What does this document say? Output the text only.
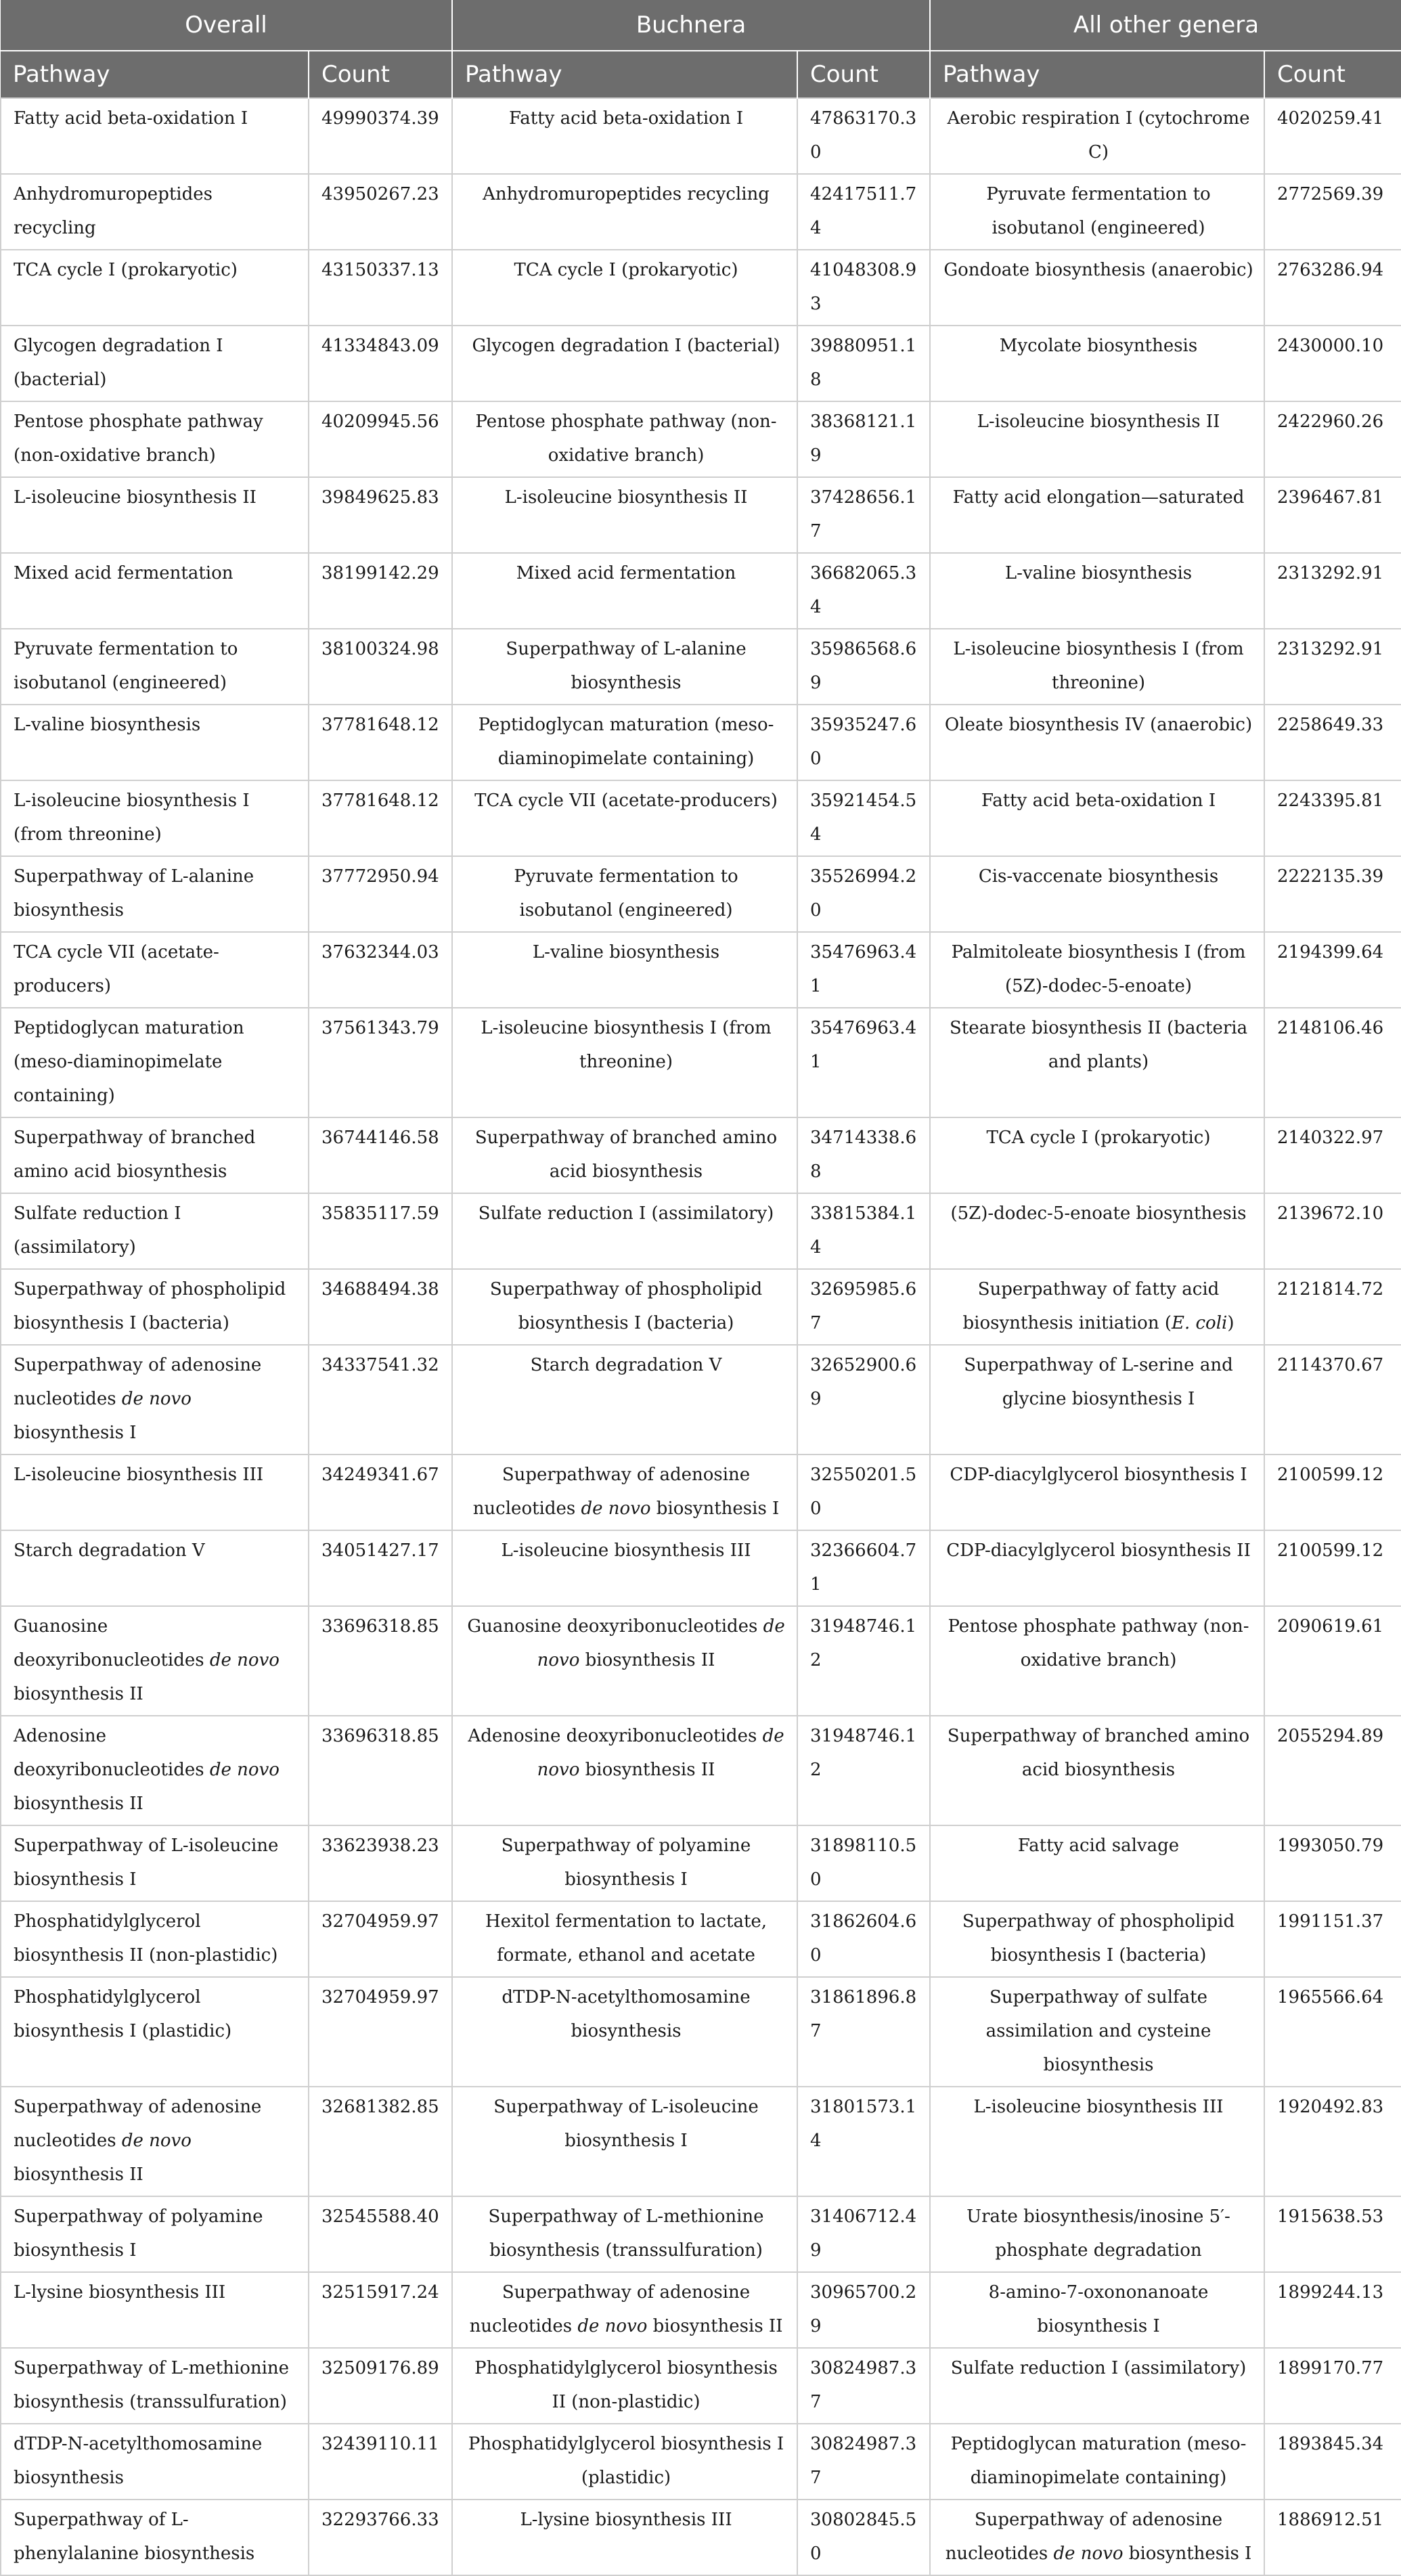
Overall		Buchnera		All other genera	
Pathway	Count	Pathway	Count	Pathway	Count
Fatty acid beta-oxidation I	49990374.39	Fatty acid beta-oxidation I	47863170.30	Aerobic respiration I (cytochrome C)	4020259.41
Anhydromuropeptides recycling	43950267.23	Anhydromuropeptides recycling	42417511.74	Pyruvate fermentation to isobutanol (engineered)	2772569.39
TCA cycle I (prokaryotic)	43150337.13	TCA cycle I (prokaryotic)	41048308.93	Gondoate biosynthesis (anaerobic)	2763286.94
Glycogen degradation I (bacterial)	41334843.09	Glycogen degradation I (bacterial)	39880951.18	Mycolate biosynthesis	2430000.10
Pentose phosphate pathway (non-oxidative branch)	40209945.56	Pentose phosphate pathway (non-oxidative branch)	38368121.19	L-isoleucine biosynthesis II	2422960.26
L-isoleucine biosynthesis II	39849625.83	L-isoleucine biosynthesis II	37428656.17	Fatty acid elongation—saturated	2396467.81
Mixed acid fermentation	38199142.29	Mixed acid fermentation	36682065.34	L-valine biosynthesis	2313292.91
Pyruvate fermentation to isobutanol (engineered)	38100324.98	Superpathway of L-alanine biosynthesis	35986568.69	L-isoleucine biosynthesis I (from threonine)	2313292.91
L-valine biosynthesis	37781648.12	Peptidoglycan maturation (meso-diaminopimelate containing)	35935247.60	Oleate biosynthesis IV (anaerobic)	2258649.33
L-isoleucine biosynthesis I (from threonine)	37781648.12	TCA cycle VII (acetate-producers)	35921454.54	Fatty acid beta-oxidation I	2243395.81
Superpathway of L-alanine biosynthesis	37772950.94	Pyruvate fermentation to isobutanol (engineered)	35526994.20	Cis-vaccenate biosynthesis	2222135.39
TCA cycle VII (acetate-producers)	37632344.03	L-valine biosynthesis	35476963.41	Palmitoleate biosynthesis I (from (5Z)-dodec-5-enoate)	2194399.64
Peptidoglycan maturation (meso-diaminopimelate containing)	37561343.79	L-isoleucine biosynthesis I (from threonine)	35476963.41	Stearate biosynthesis II (bacteria and plants)	2148106.46
Superpathway of branched amino acid biosynthesis	36744146.58	Superpathway of branched amino acid biosynthesis	34714338.68	TCA cycle I (prokaryotic)	2140322.97
Sulfate reduction I (assimilatory)	35835117.59	Sulfate reduction I (assimilatory)	33815384.14	(5Z)-dodec-5-enoate biosynthesis	2139672.10
Superpathway of phospholipid biosynthesis I (bacteria)	34688494.38	Superpathway of phospholipid biosynthesis I (bacteria)	32695985.67	Superpathway of fatty acid biosynthesis initiation (E. coli)	2121814.72
Superpathway of adenosine nucleotides de novo biosynthesis I	34337541.32	Starch degradation V	32652900.69	Superpathway of L-serine and glycine biosynthesis I	2114370.67
L-isoleucine biosynthesis III	34249341.67	Superpathway of adenosine nucleotides de novo biosynthesis I	32550201.50	CDP-diacylglycerol biosynthesis I	2100599.12
Starch degradation V	34051427.17	L-isoleucine biosynthesis III	32366604.71	CDP-diacylglycerol biosynthesis II	2100599.12
Guanosine deoxyribonucleotides de novo biosynthesis II	33696318.85	Guanosine deoxyribonucleotides de novo biosynthesis II	31948746.12	Pentose phosphate pathway (non-oxidative branch)	2090619.61
Adenosine deoxyribonucleotides de novo biosynthesis II	33696318.85	Adenosine deoxyribonucleotides de novo biosynthesis II	31948746.12	Superpathway of branched amino acid biosynthesis	2055294.89
Superpathway of L-isoleucine biosynthesis I	33623938.23	Superpathway of polyamine biosynthesis I	31898110.50	Fatty acid salvage	1993050.79
Phosphatidylglycerol biosynthesis II (non-plastidic)	32704959.97	Hexitol fermentation to lactate, formate, ethanol and acetate	31862604.60	Superpathway of phospholipid biosynthesis I (bacteria)	1991151.37
Phosphatidylglycerol biosynthesis I (plastidic)	32704959.97	dTDP-N-acetylthomosamine biosynthesis	31861896.87	Superpathway of sulfate assimilation and cysteine biosynthesis	1965566.64
Superpathway of adenosine nucleotides de novo biosynthesis II	32681382.85	Superpathway of L-isoleucine biosynthesis I	31801573.14	L-isoleucine biosynthesis III	1920492.83
Superpathway of polyamine biosynthesis I	32545588.40	Superpathway of L-methionine biosynthesis (transsulfuration)	31406712.49	Urate biosynthesis/inosine 5′-phosphate degradation	1915638.53
L-lysine biosynthesis III	32515917.24	Superpathway of adenosine nucleotides de novo biosynthesis II	30965700.29	8-amino-7-oxononanoate biosynthesis I	1899244.13
Superpathway of L-methionine biosynthesis (transsulfuration)	32509176.89	Phosphatidylglycerol biosynthesis II (non-plastidic)	30824987.37	Sulfate reduction I (assimilatory)	1899170.77
dTDP-N-acetylthomosamine biosynthesis	32439110.11	Phosphatidylglycerol biosynthesis I (plastidic)	30824987.37	Peptidoglycan maturation (meso-diaminopimelate containing)	1893845.34
Superpathway of L-phenylalanine biosynthesis	32293766.33	L-lysine biosynthesis III	30802845.50	Superpathway of adenosine nucleotides de novo biosynthesis I	1886912.51
